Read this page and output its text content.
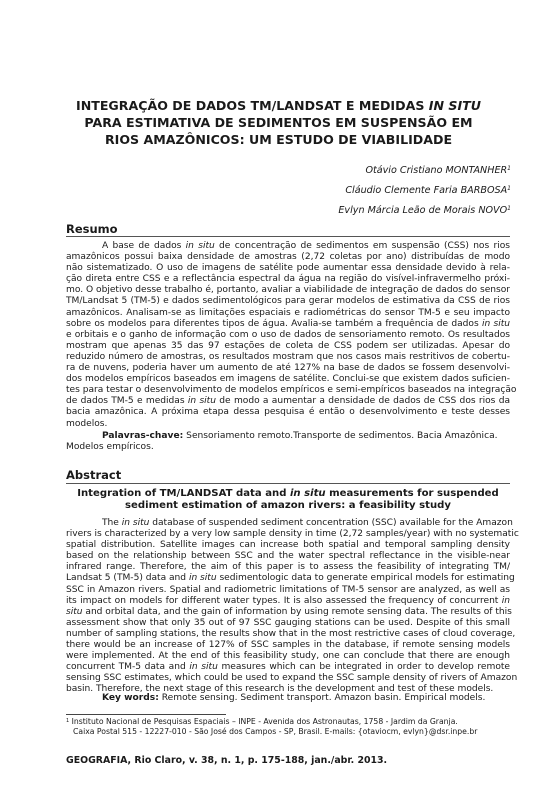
INTEGRAÇÃO DE DADOS TM/LANDSAT E MEDIDAS IN SITU
PARA ESTIMATIVA DE SEDIMENTOS EM SUSPENSÃO EM
RIOS AMAZÔNICOS: UM ESTUDO DE VIABILIDADE
Otávio Cristiano MONTANHER$^1$
Cláudio Clemente Faria BARBOSA$^1$
Evlyn Márcia Leão de Morais NOVO$^1$
Resumo
A base de dados in situ de concentração de sedimentos em suspensão (CSS) nos rios
amazônicos possui baixa densidade de amostras (2,72 coletas por ano) distribuídas de modo
não sistematizado. O uso de imagens de satélite pode aumentar essa densidade devido à rela-
ção direta entre CSS e a reflectância espectral da água na região do visível-infravermelho próxi-
mo. O objetivo desse trabalho é, portanto, avaliar a viabilidade de integração de dados do sensor
TM/Landsat 5 (TM-5) e dados sedimentológicos para gerar modelos de estimativa da CSS de rios
amazônicos. Analisam-se as limitações espaciais e radiométricas do sensor TM-5 e seu impacto
sobre os modelos para diferentes tipos de água. Avalia-se também a frequência de dados in situ
e orbitais e o ganho de informação com o uso de dados de sensoriamento remoto. Os resultados
mostram que apenas 35 das 97 estações de coleta de CSS podem ser utilizadas. Apesar do
reduzido número de amostras, os resultados mostram que nos casos mais restritivos de cobertu-
ra de nuvens, poderia haver um aumento de até 127% na base de dados se fossem desenvolvi-
dos modelos empíricos baseados em imagens de satélite. Conclui-se que existem dados suficien-
tes para testar o desenvolvimento de modelos empíricos e semi-empíricos baseados na integração
de dados TM-5 e medidas in situ de modo a aumentar a densidade de dados de CSS dos rios da
bacia amazônica. A próxima etapa dessa pesquisa é então o desenvolvimento e teste desses
modelos.
Palavras-chave: Sensoriamento remoto.Transporte de sedimentos. Bacia Amazônica.
Modelos empíricos.
Abstract
Integration of TM/LANDSAT data and in situ measurements for suspended
sediment estimation of amazon rivers: a feasibility study
The in situ database of suspended sediment concentration (SSC) available for the Amazon
rivers is characterized by a very low sample density in time (2,72 samples/year) with no systematic
spatial distribution. Satellite images can increase both spatial and temporal sampling density
based on the relationship between SSC and the water spectral reflectance in the visible-near
infrared range. Therefore, the aim of this paper is to assess the feasibility of integrating TM/
Landsat 5 (TM-5) data and in situ sedimentologic data to generate empirical models for estimating
SSC in Amazon rivers. Spatial and radiometric limitations of TM-5 sensor are analyzed, as well as
its impact on models for different water types. It is also assessed the frequency of concurrent in
situ and orbital data, and the gain of information by using remote sensing data. The results of this
assessment show that only 35 out of 97 SSC gauging stations can be used. Despite of this small
number of sampling stations, the results show that in the most restrictive cases of cloud coverage,
there would be an increase of 127% of SSC samples in the database, if remote sensing models
were implemented. At the end of this feasibility study, one can conclude that there are enough
concurrent TM-5 data and in situ measures which can be integrated in order to develop remote
sensing SSC estimates, which could be used to expand the SSC sample density of rivers of Amazon
basin. Therefore, the next stage of this research is the development and test of these models.
Key words: Remote sensing. Sediment transport. Amazon basin. Empirical models.
$^1$ Instituto Nacional de Pesquisas Espaciais – INPE - Avenida dos Astronautas, 1758 - Jardim da Granja.
Caixa Postal 515 - 12227-010 - São José dos Campos - SP, Brasil. E-mails: {otaviocm, evlyn}@dsr.inpe.br
GEOGRAFIA, Rio Claro, v. 38, n. 1, p. 175-188, jan./abr. 2013.
